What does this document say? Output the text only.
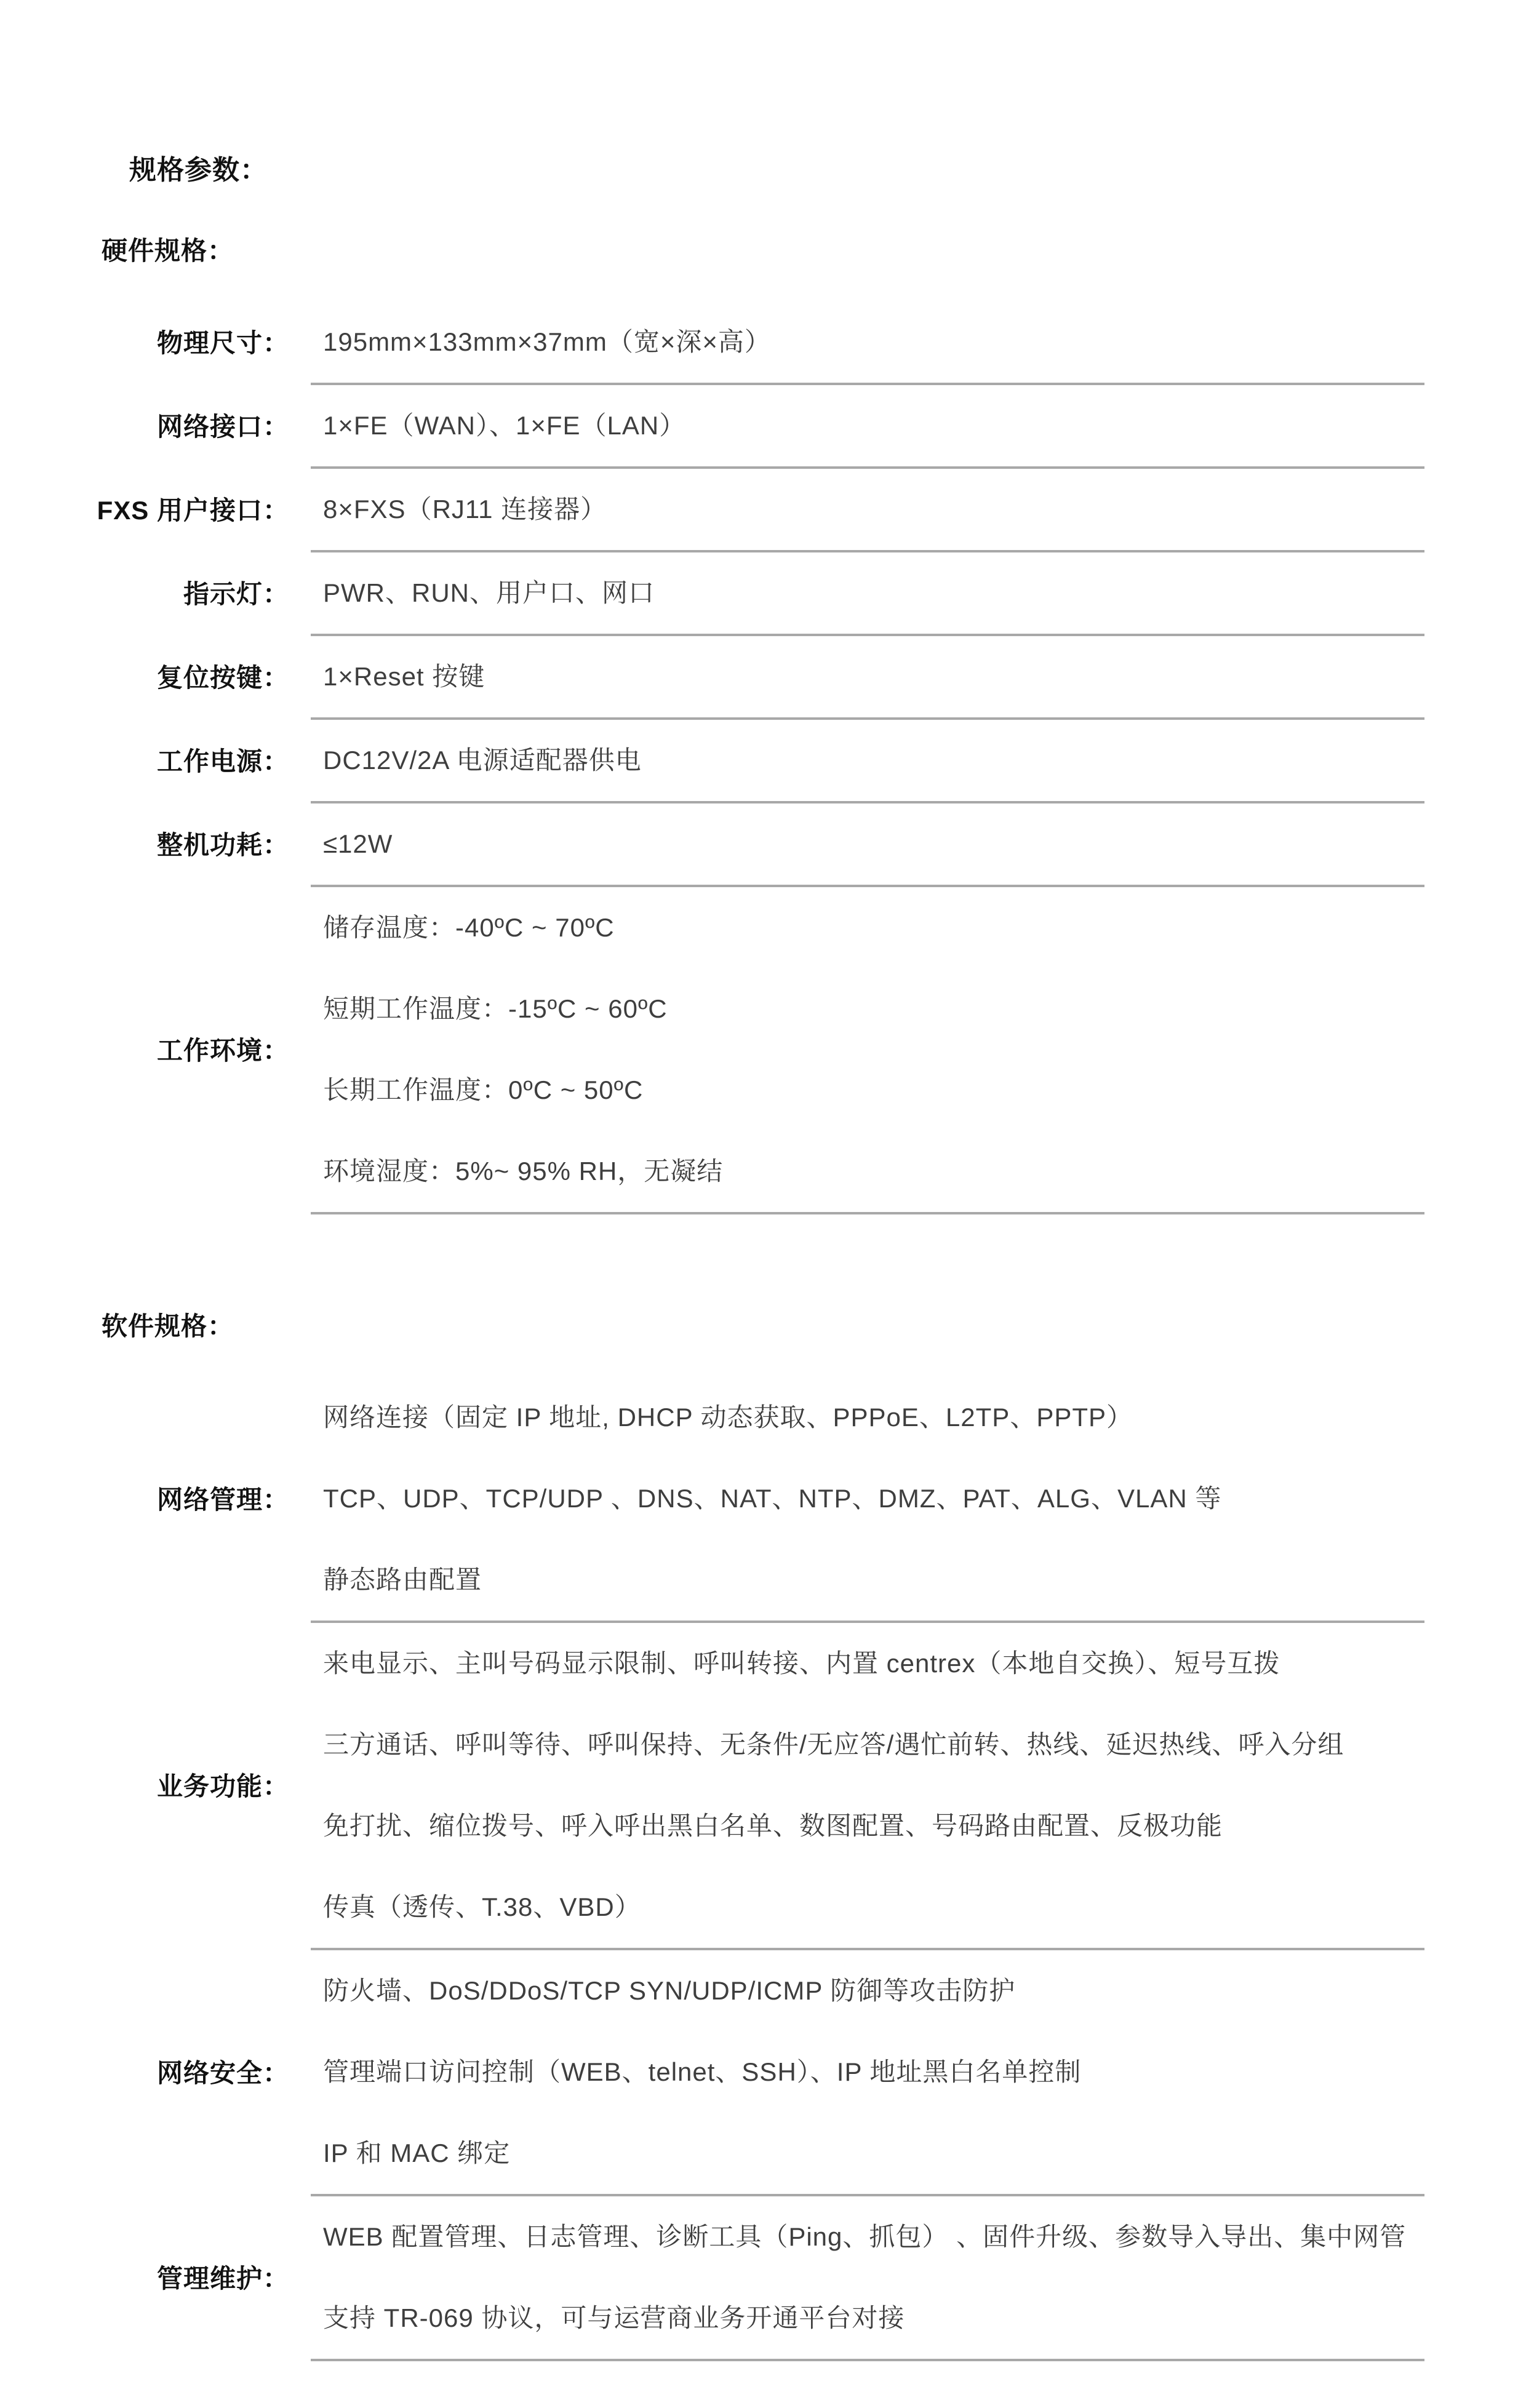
规格参数：
硬件规格：
物理尺寸： 195mm×133mm×37mm（宽×深×高）
网络接口： 1×FE（WAN）、1×FE（LAN）
FXS 用户接口： 8×FXS（RJ11 连接器）
指示灯： PWR、RUN、用户口、网口
复位按键： 1×Reset 按键
工作电源： DC12V/2A 电源适配器供电
整机功耗： ≤12W
工作环境：
储存温度：-40ºC ~ 70ºC
短期工作温度：-15ºC ~ 60ºC
长期工作温度：0ºC ~ 50ºC
环境湿度：5%~ 95% RH，无凝结
软件规格：
网络管理：
网络连接（固定 IP 地址, DHCP 动态获取、PPPoE、L2TP、PPTP）
TCP、UDP、TCP/UDP 、DNS、NAT、NTP、DMZ、PAT、ALG、VLAN 等
静态路由配置
业务功能：
来电显示、主叫号码显示限制、呼叫转接、内置 centrex（本地自交换）、短号互拨
三方通话、呼叫等待、呼叫保持、无条件/无应答/遇忙前转、热线、延迟热线、呼入分组
免打扰、缩位拨号、呼入呼出黑白名单、数图配置、号码路由配置、反极功能
传真（透传、T.38、VBD）
网络安全：
防火墙、DoS/DDoS/TCP SYN/UDP/ICMP 防御等攻击防护
管理端口访问控制（WEB、telnet、SSH）、IP 地址黑白名单控制
IP 和 MAC 绑定
管理维护：
WEB 配置管理、日志管理、诊断工具（Ping、抓包） 、固件升级、参数导入导出、集中网管
支持 TR-069 协议，可与运营商业务开通平台对接
